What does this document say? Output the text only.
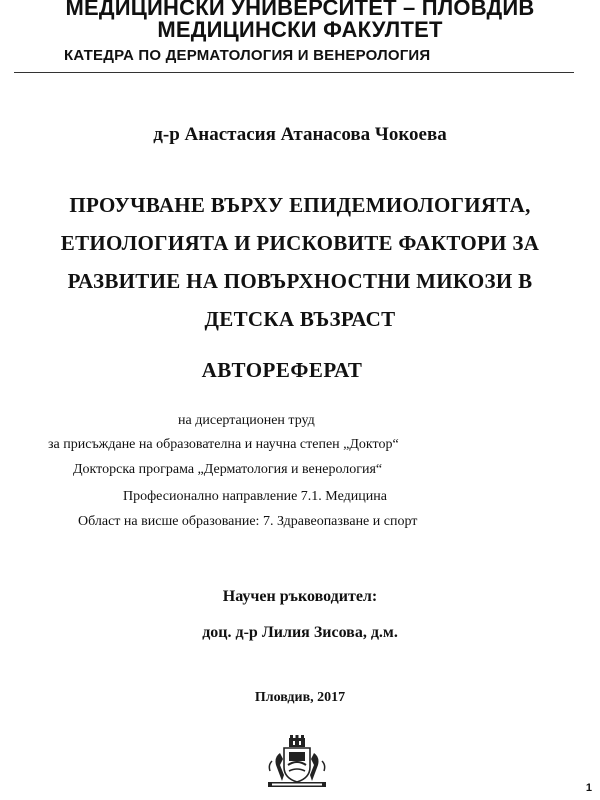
МЕДИЦИНСКИ УНИВЕРСИТЕТ – ПЛОВДИВ
МЕДИЦИНСКИ ФАКУЛТЕТ
КАТЕДРА ПО ДЕРМАТОЛОГИЯ И ВЕНЕРОЛОГИЯ
д-р Анастасия Атанасова Чокоева
ПРОУЧВАНЕ ВЪРХУ ЕПИДЕМИОЛОГИЯТА,
ЕТИОЛОГИЯТА И РИСКОВИТЕ ФАКТОРИ ЗА
РАЗВИТИЕ НА ПОВЪРХНОСТНИ МИКОЗИ В
ДЕТСКА ВЪЗРАСТ
АВТОРЕФЕРАТ
на дисертационен труд
за присъждане на образователна и научна степен „Доктор“
Докторска програма „Дерматология и венерология“
Професионално направление 7.1. Медицина
Област на висше образование: 7. Здравеопазване и спорт
Научен ръководител:
доц. д-р Лилия Зисова, д.м.
Пловдив, 2017
1
